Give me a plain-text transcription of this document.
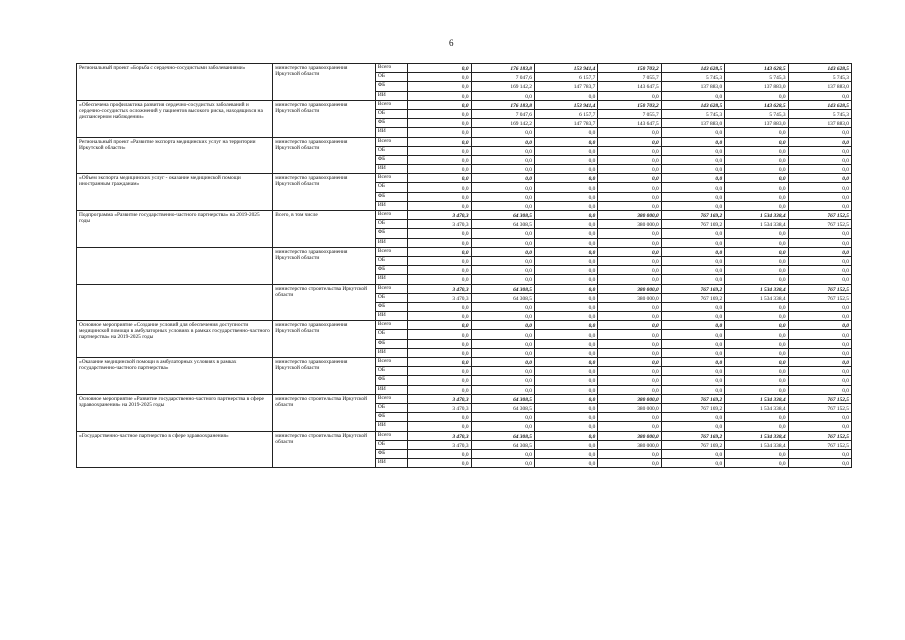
6
Региональный проект «Борьба с сердечно-сосудистыми заболеваниями»	министерство здравоохранения Иркутской области	Всего	0,0	176 183,8	153 941,4	150 703,2	143 628,5	143 628,5	143 628,5
		ОБ	0,0	7 047,6	6 157,7	7 055,7	5 745,3	5 745,3	5 745,3
		ФБ	0,0	169 142,2	147 783,7	143 647,5	137 883,0	137 883,0	137 883,0
		ИИ	0,0	0,0	0,0	0,0	0,0	0,0	0,0
«Обеспечена профилактика развития сердечно-сосудистых заболеваний и сердечно-сосудистых осложнений у пациентов высокого риска, находящихся на диспансерном наблюдении»	министерство здравоохранения Иркутской области	Всего	0,0	176 183,8	153 941,4	150 703,2	143 628,5	143 628,5	143 628,5
		ОБ	0,0	7 047,6	6 157,7	7 055,7	5 745,3	5 745,3	5 745,3
		ФБ	0,0	169 142,2	147 783,7	143 647,5	137 883,0	137 883,0	137 883,0
		ИИ	0,0	0,0	0,0	0,0	0,0	0,0	0,0
Региональный проект «Развитие экспорта медицинских услуг на территории Иркутской области»	министерство здравоохранения Иркутской области	Всего	0,0	0,0	0,0	0,0	0,0	0,0	0,0
		ОБ	0,0	0,0	0,0	0,0	0,0	0,0	0,0
		ФБ	0,0	0,0	0,0	0,0	0,0	0,0	0,0
		ИИ	0,0	0,0	0,0	0,0	0,0	0,0	0,0
«Объем экспорта медицинских услуг - оказание медицинской помощи иностранным гражданам»	министерство здравоохранения Иркутской области	Всего	0,0	0,0	0,0	0,0	0,0	0,0	0,0
		ОБ	0,0	0,0	0,0	0,0	0,0	0,0	0,0
		ФБ	0,0	0,0	0,0	0,0	0,0	0,0	0,0
		ИИ	0,0	0,0	0,0	0,0	0,0	0,0	0,0
Подпрограмма «Развитие государственно-частного партнерства» на 2019-2025 годы	Всего, в том числе	Всего	3 470,3	64 308,5	0,0	380 000,0	767 169,2	1 534 338,4	767 152,5
		ОБ	3 470,3	64 308,5	0,0	380 000,0	767 169,2	1 534 338,4	767 152,5
		ФБ	0,0	0,0	0,0	0,0	0,0	0,0	0,0
		ИИ	0,0	0,0	0,0	0,0	0,0	0,0	0,0
	министерство здравоохранения Иркутской области	Всего	0,0	0,0	0,0	0,0	0,0	0,0	0,0
		ОБ	0,0	0,0	0,0	0,0	0,0	0,0	0,0
		ФБ	0,0	0,0	0,0	0,0	0,0	0,0	0,0
		ИИ	0,0	0,0	0,0	0,0	0,0	0,0	0,0
	министерство строительства Иркутской области	Всего	3 470,3	64 308,5	0,0	380 000,0	767 169,2	1 534 338,4	767 152,5
		ОБ	3 470,3	64 308,5	0,0	380 000,0	767 169,2	1 534 338,4	767 152,5
		ФБ	0,0	0,0	0,0	0,0	0,0	0,0	0,0
		ИИ	0,0	0,0	0,0	0,0	0,0	0,0	0,0
Основное мероприятие «Создание условий для обеспечения доступности медицинской помощи в амбулаторных условиях в рамках государственно-частного партнерства» на 2019-2025 годы	министерство здравоохранения Иркутской области	Всего	0,0	0,0	0,0	0,0	0,0	0,0	0,0
		ОБ	0,0	0,0	0,0	0,0	0,0	0,0	0,0
		ФБ	0,0	0,0	0,0	0,0	0,0	0,0	0,0
		ИИ	0,0	0,0	0,0	0,0	0,0	0,0	0,0
«Оказание медицинской помощи в амбулаторных условиях в рамках государственно-частного партнерства»	министерство здравоохранения Иркутской области	Всего	0,0	0,0	0,0	0,0	0,0	0,0	0,0
		ОБ	0,0	0,0	0,0	0,0	0,0	0,0	0,0
		ФБ	0,0	0,0	0,0	0,0	0,0	0,0	0,0
		ИИ	0,0	0,0	0,0	0,0	0,0	0,0	0,0
Основное мероприятие «Развитие государственно-частного партнерства в сфере здравоохранения» на 2019-2025 годы	министерство строительства Иркутской области	Всего	3 470,3	64 308,5	0,0	380 000,0	767 169,2	1 534 338,4	767 152,5
		ОБ	3 470,3	64 308,5	0,0	380 000,0	767 169,2	1 534 338,4	767 152,5
		ФБ	0,0	0,0	0,0	0,0	0,0	0,0	0,0
		ИИ	0,0	0,0	0,0	0,0	0,0	0,0	0,0
«Государственно-частное партнерство в сфере здравоохранения»	министерство строительства Иркутской области	Всего	3 470,3	64 308,5	0,0	380 000,0	767 169,2	1 534 338,4	767 152,5
		ОБ	3 470,3	64 308,5	0,0	380 000,0	767 169,2	1 534 338,4	767 152,5
		ФБ	0,0	0,0	0,0	0,0	0,0	0,0	0,0
		ИИ	0,0	0,0	0,0	0,0	0,0	0,0	0,0
